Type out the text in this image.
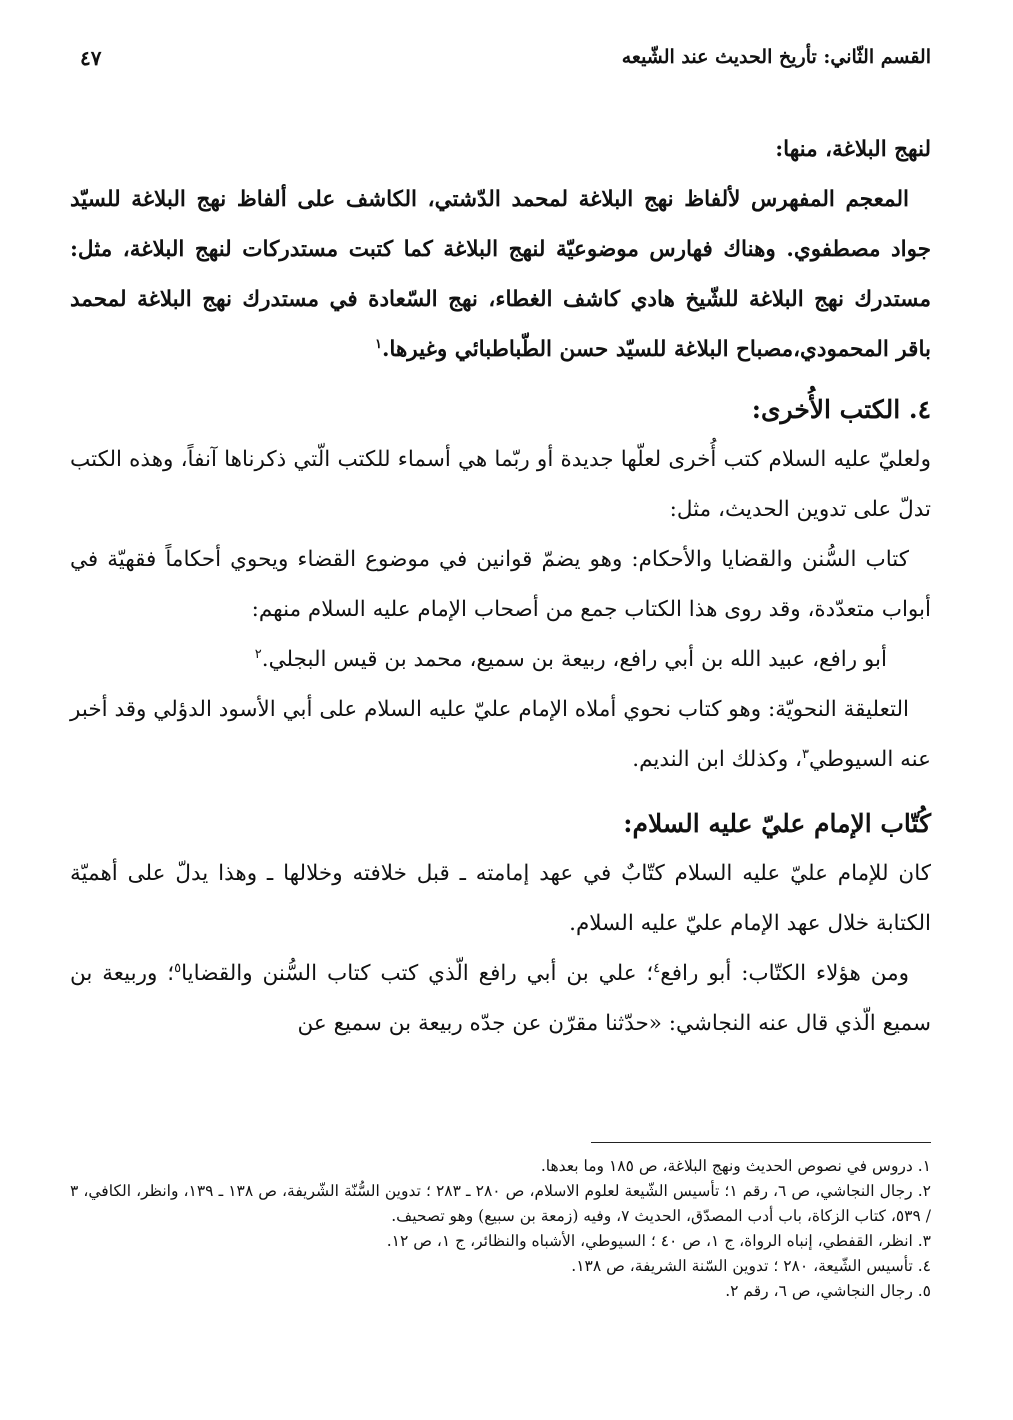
القسم الثّاني: تأريخ الحديث عند الشّيعه
٤٧

لنهج البلاغة، منها:

المعجم المفهرس لألفاظ نهج البلاغة لمحمد الدّشتي، الكاشف على ألفاظ نهج البلاغة للسيّد جواد مصطفوي. وهناك فهارس موضوعيّة لنهج البلاغة كما كتبت مستدركات لنهج البلاغة، مثل: مستدرك نهج البلاغة للشّيخ هادي كاشف الغطاء، نهج السّعادة في مستدرك نهج البلاغة لمحمد باقر المحمودي،مصباح البلاغة للسيّد حسن الطّباطبائي وغيرها.$^١$

٤. الكتب الأُخرى:

ولعليّ عليه السلام كتب أُخرى لعلّها جديدة أو ربّما هي أسماء للكتب الّتي ذكرناها آنفاً، وهذه الكتب تدلّ على تدوين الحديث، مثل:

كتاب السُّنن والقضايا والأحكام: وهو يضمّ قوانين في موضوع القضاء ويحوي أحكاماً فقهيّة في أبواب متعدّدة، وقد روى هذا الكتاب جمع من أصحاب الإمام عليه السلام منهم:

أبو رافع، عبيد الله بن أبي رافع، ربيعة بن سميع، محمد بن قيس البجلي.$^٢$

التعليقة النحويّة: وهو كتاب نحوي أملاه الإمام عليّ عليه السلام على أبي الأسود الدؤلي وقد أخبر عنه السيوطي$^٣$، وكذلك ابن النديم.

كُتّاب الإمام عليّ عليه السلام:

كان للإمام عليّ عليه السلام كتّابٌ في عهد إمامته ـ قبل خلافته وخلالها ـ وهذا يدلّ على أهميّة الكتابة خلال عهد الإمام عليّ عليه السلام.

ومن هؤلاء الكتّاب: أبو رافع$^٤$؛ علي بن أبي رافع الّذي كتب كتاب السُّنن والقضايا$^٥$؛ وربيعة بن سميع الّذي قال عنه النجاشي: «حدّثنا مقرّن عن جدّه ربيعة بن سميع عن

١. دروس في نصوص الحديث ونهج البلاغة، ص ١٨٥ وما بعدها.

٢. رجال النجاشي، ص ٦، رقم ١؛ تأسيس الشّيعة لعلوم الاسلام، ص ٢٨٠ ـ ٢٨٣ ؛ تدوين السُّنّة الشّريفة، ص ١٣٨ ـ ١٣٩، وانظر، الكافي، ٣ / ٥٣٩، كتاب الزكاة، باب أدب المصدّق، الحديث ٧، وفيه (زمعة بن سبيع) وهو تصحيف.

٣. انظر، القفطي، إنباه الرواة، ج ١، ص ٤٠ ؛ السيوطي، الأشباه والنظائر، ج ١، ص ١٢.

٤. تأسيس الشّيعة، ٢٨٠ ؛ تدوين السّنة الشريفة، ص ١٣٨.

٥. رجال النجاشي، ص ٦، رقم ٢.
